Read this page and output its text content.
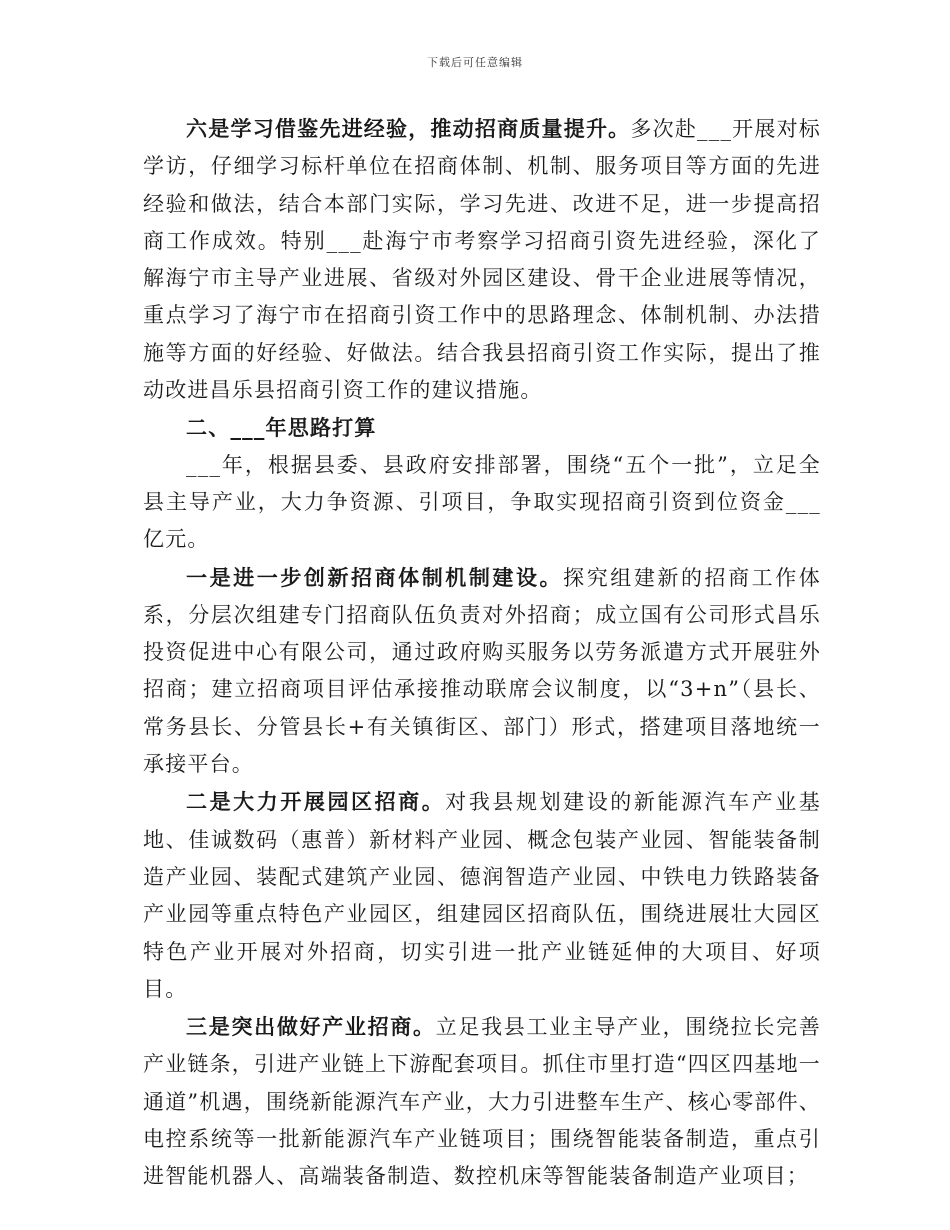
下载后可任意编辑

六是学习借鉴先进经验，推动招商质量提升。多次赴___开展对标学访，仔细学习标杆单位在招商体制、机制、服务项目等方面的先进经验和做法，结合本部门实际，学习先进、改进不足，进一步提高招商工作成效。特别___赴海宁市考察学习招商引资先进经验，深化了解海宁市主导产业进展、省级对外园区建设、骨干企业进展等情况，重点学习了海宁市在招商引资工作中的思路理念、体制机制、办法措施等方面的好经验、好做法。结合我县招商引资工作实际，提出了推动改进昌乐县招商引资工作的建议措施。

二、___年思路打算

___年，根据县委、县政府安排部署，围绕“五个一批”，立足全县主导产业，大力争资源、引项目，争取实现招商引资到位资金___亿元。

一是进一步创新招商体制机制建设。探究组建新的招商工作体系，分层次组建专门招商队伍负责对外招商；成立国有公司形式昌乐投资促进中心有限公司，通过政府购买服务以劳务派遣方式开展驻外招商；建立招商项目评估承接推动联席会议制度，以“3+n”（县长、常务县长、分管县长+有关镇街区、部门）形式，搭建项目落地统一承接平台。

二是大力开展园区招商。对我县规划建设的新能源汽车产业基地、佳诚数码（惠普）新材料产业园、概念包装产业园、智能装备制造产业园、装配式建筑产业园、德润智造产业园、中铁电力铁路装备产业园等重点特色产业园区，组建园区招商队伍，围绕进展壮大园区特色产业开展对外招商，切实引进一批产业链延伸的大项目、好项目。

三是突出做好产业招商。立足我县工业主导产业，围绕拉长完善产业链条，引进产业链上下游配套项目。抓住市里打造“四区四基地一通道”机遇，围绕新能源汽车产业，大力引进整车生产、核心零部件、电控系统等一批新能源汽车产业链项目；围绕智能装备制造，重点引进智能机器人、高端装备制造、数控机床等智能装备制造产业项目；
